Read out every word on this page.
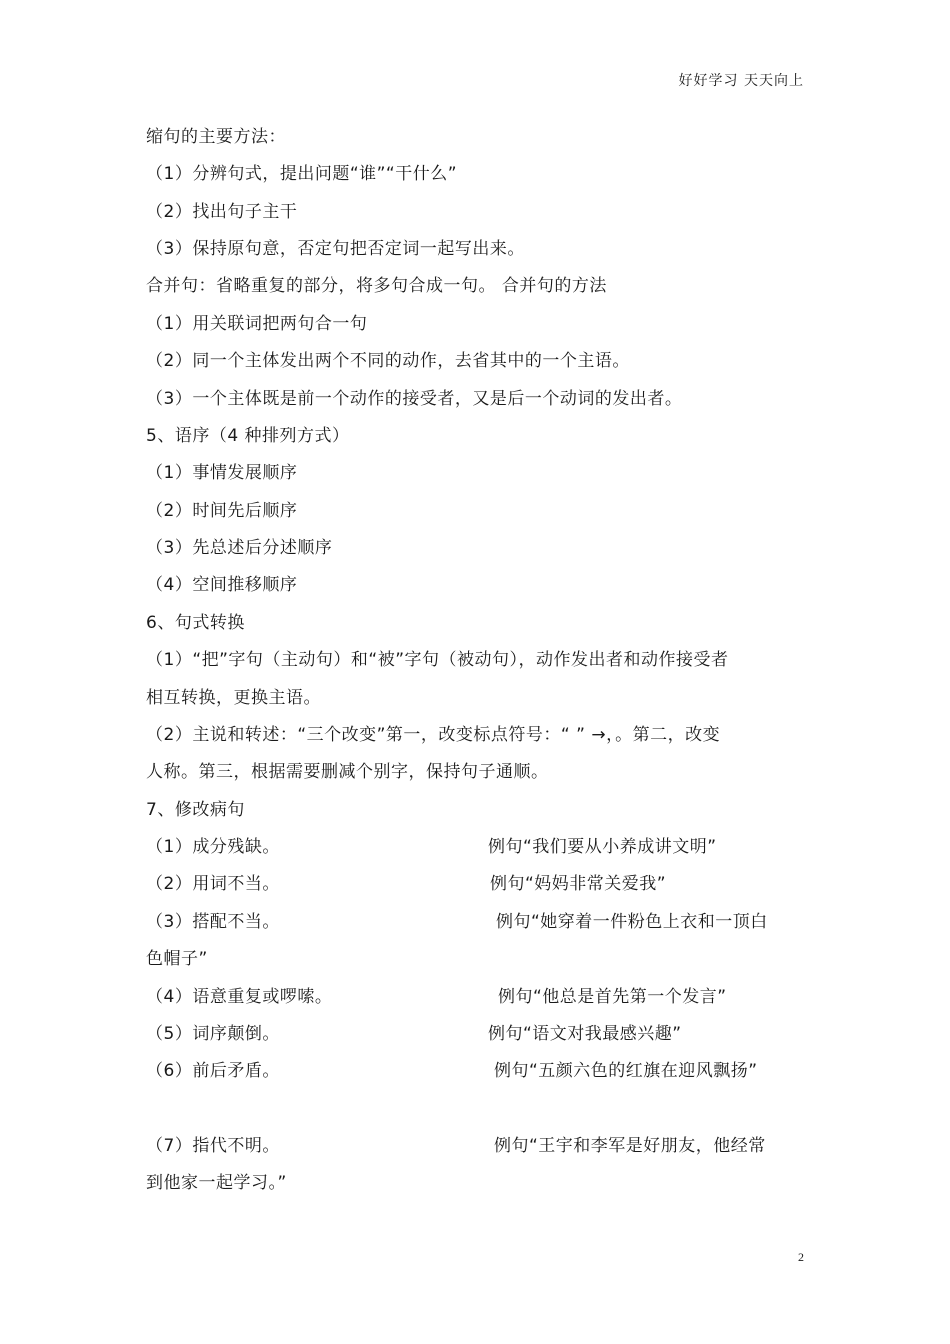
好好学习 天天向上
缩句的主要方法：
（1）分辨句式，提出问题“谁”“干什么”
（2）找出句子主干
（3）保持原句意，否定句把否定词一起写出来。
合并句：省略重复的部分，将多句合成一句。 合并句的方法
（1）用关联词把两句合一句
（2）同一个主体发出两个不同的动作，去省其中的一个主语。
（3）一个主体既是前一个动作的接受者，又是后一个动词的发出者。
5、语序（4 种排列方式）
（1）事情发展顺序
（2）时间先后顺序
（3）先总述后分述顺序
（4）空间推移顺序
6、句式转换
（1）“把”字句（主动句）和“被”字句（被动句），动作发出者和动作接受者
相互转换，更换主语。
（2）主说和转述：“三个改变”第一，改变标点符号：“ ” →，。第二，改变
人称。第三，根据需要删减个别字，保持句子通顺。
7、修改病句
（1）成分残缺。	例句“我们要从小养成讲文明”
（2）用词不当。	例句“妈妈非常关爱我”
（3）搭配不当。	例句“她穿着一件粉色上衣和一顶白
色帽子”
（4）语意重复或啰嗦。	例句“他总是首先第一个发言”
（5）词序颠倒。	例句“语文对我最感兴趣”
（6）前后矛盾。	例句“五颜六色的红旗在迎风飘扬”
（7）指代不明。	例句“王宇和李军是好朋友，他经常
到他家一起学习。”
2
